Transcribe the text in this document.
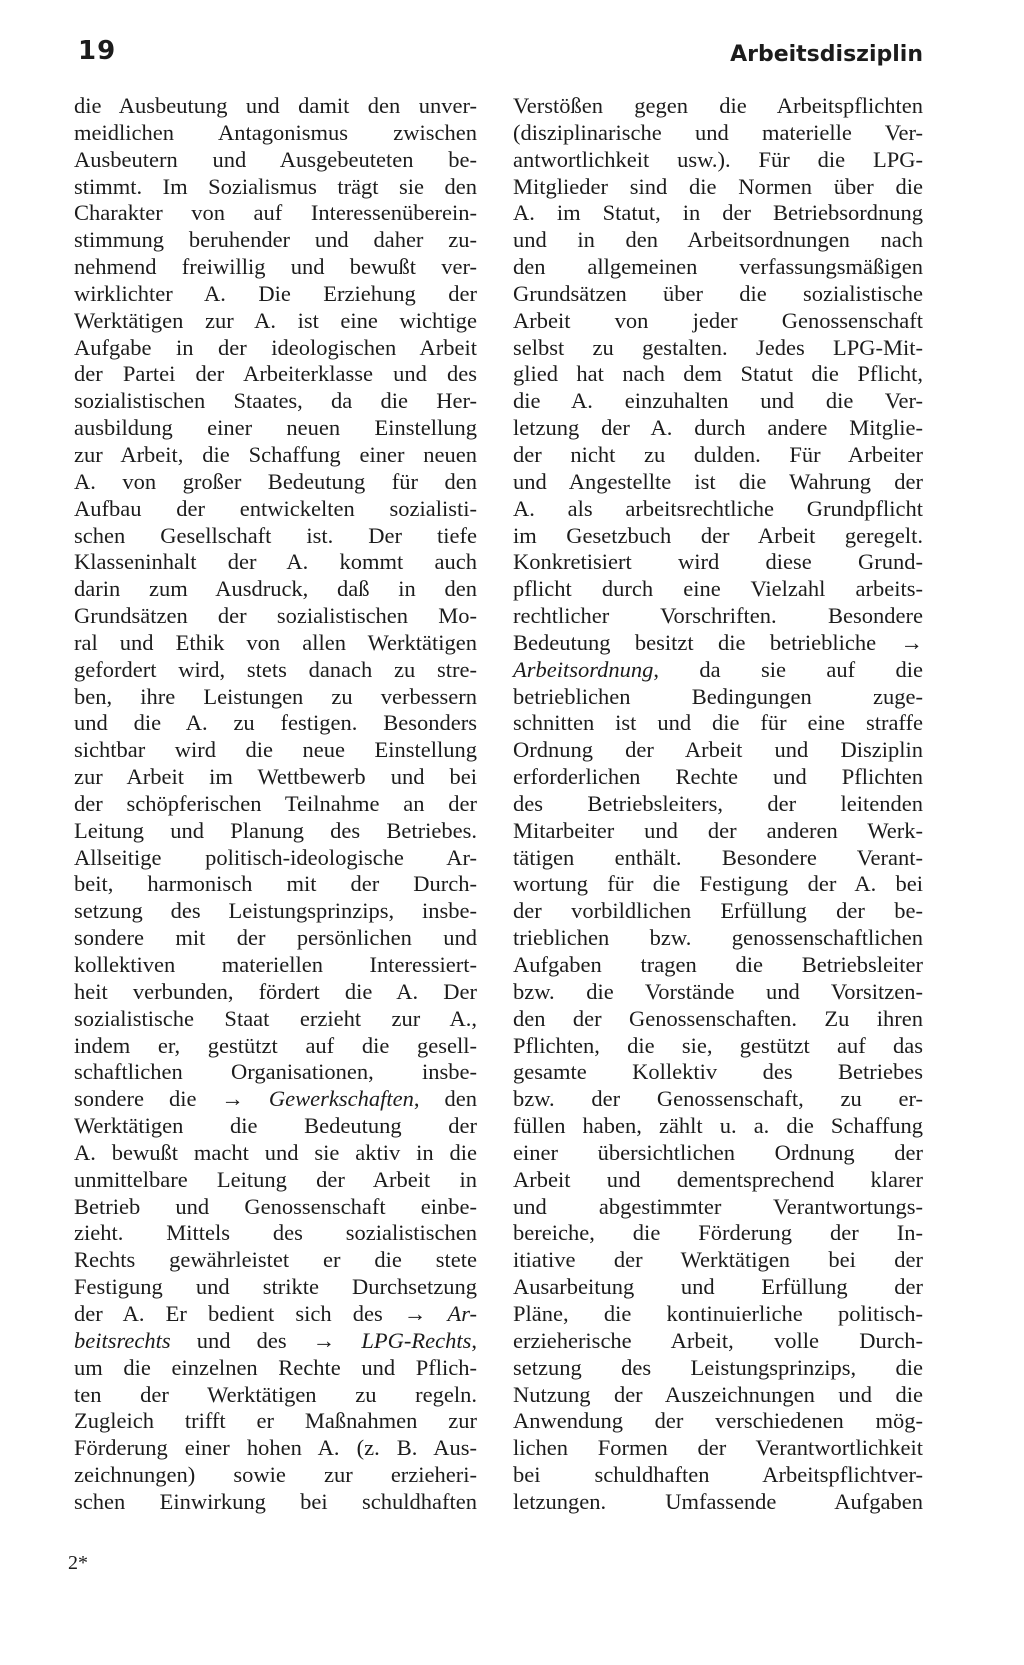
19	Arbeitsdisziplin
die Ausbeutung und damit den unver-
meidlichen Antagonismus zwischen
Ausbeutern und Ausgebeuteten be-
stimmt. Im Sozialismus trägt sie den
Charakter von auf Interessenüberein-
stimmung beruhender und daher zu-
nehmend freiwillig und bewußt ver-
wirklichter A. Die Erziehung der
Werktätigen zur A. ist eine wichtige
Aufgabe in der ideologischen Arbeit
der Partei der Arbeiterklasse und des
sozialistischen Staates, da die Her-
ausbildung einer neuen Einstellung
zur Arbeit, die Schaffung einer neuen
A. von großer Bedeutung für den
Aufbau der entwickelten sozialisti-
schen Gesellschaft ist. Der tiefe
Klasseninhalt der A. kommt auch
darin zum Ausdruck, daß in den
Grundsätzen der sozialistischen Mo-
ral und Ethik von allen Werktätigen
gefordert wird, stets danach zu stre-
ben, ihre Leistungen zu verbessern
und die A. zu festigen. Besonders
sichtbar wird die neue Einstellung
zur Arbeit im Wettbewerb und bei
der schöpferischen Teilnahme an der
Leitung und Planung des Betriebes.
Allseitige politisch-ideologische Ar-
beit, harmonisch mit der Durch-
setzung des Leistungsprinzips, insbe-
sondere mit der persönlichen und
kollektiven materiellen Interessiert-
heit verbunden, fördert die A. Der
sozialistische Staat erzieht zur A.,
indem er, gestützt auf die gesell-
schaftlichen Organisationen, insbe-
sondere die → Gewerkschaften, den
Werktätigen die Bedeutung der
A. bewußt macht und sie aktiv in die
unmittelbare Leitung der Arbeit in
Betrieb und Genossenschaft einbe-
zieht. Mittels des sozialistischen
Rechts gewährleistet er die stete
Festigung und strikte Durchsetzung
der A. Er bedient sich des → Ar-
beitsrechts und des → LPG-Rechts,
um die einzelnen Rechte und Pflich-
ten der Werktätigen zu regeln.
Zugleich trifft er Maßnahmen zur
Förderung einer hohen A. (z. B. Aus-
zeichnungen) sowie zur erzieheri-
schen Einwirkung bei schuldhaften
Verstößen gegen die Arbeitspflichten
(disziplinarische und materielle Ver-
antwortlichkeit usw.). Für die LPG-
Mitglieder sind die Normen über die
A. im Statut, in der Betriebsordnung
und in den Arbeitsordnungen nach
den allgemeinen verfassungsmäßigen
Grundsätzen über die sozialistische
Arbeit von jeder Genossenschaft
selbst zu gestalten. Jedes LPG-Mit-
glied hat nach dem Statut die Pflicht,
die A. einzuhalten und die Ver-
letzung der A. durch andere Mitglie-
der nicht zu dulden. Für Arbeiter
und Angestellte ist die Wahrung der
A. als arbeitsrechtliche Grundpflicht
im Gesetzbuch der Arbeit geregelt.
Konkretisiert wird diese Grund-
pflicht durch eine Vielzahl arbeits-
rechtlicher Vorschriften. Besondere
Bedeutung besitzt die betriebliche →
Arbeitsordnung, da sie auf die
betrieblichen Bedingungen zuge-
schnitten ist und die für eine straffe
Ordnung der Arbeit und Disziplin
erforderlichen Rechte und Pflichten
des Betriebsleiters, der leitenden
Mitarbeiter und der anderen Werk-
tätigen enthält. Besondere Verant-
wortung für die Festigung der A. bei
der vorbildlichen Erfüllung der be-
trieblichen bzw. genossenschaftlichen
Aufgaben tragen die Betriebsleiter
bzw. die Vorstände und Vorsitzen-
den der Genossenschaften. Zu ihren
Pflichten, die sie, gestützt auf das
gesamte Kollektiv des Betriebes
bzw. der Genossenschaft, zu er-
füllen haben, zählt u. a. die Schaffung
einer übersichtlichen Ordnung der
Arbeit und dementsprechend klarer
und abgestimmter Verantwortungs-
bereiche, die Förderung der In-
itiative der Werktätigen bei der
Ausarbeitung und Erfüllung der
Pläne, die kontinuierliche politisch-
erzieherische Arbeit, volle Durch-
setzung des Leistungsprinzips, die
Nutzung der Auszeichnungen und die
Anwendung der verschiedenen mög-
lichen Formen der Verantwortlichkeit
bei schuldhaften Arbeitspflichtver-
letzungen. Umfassende Aufgaben
2*
